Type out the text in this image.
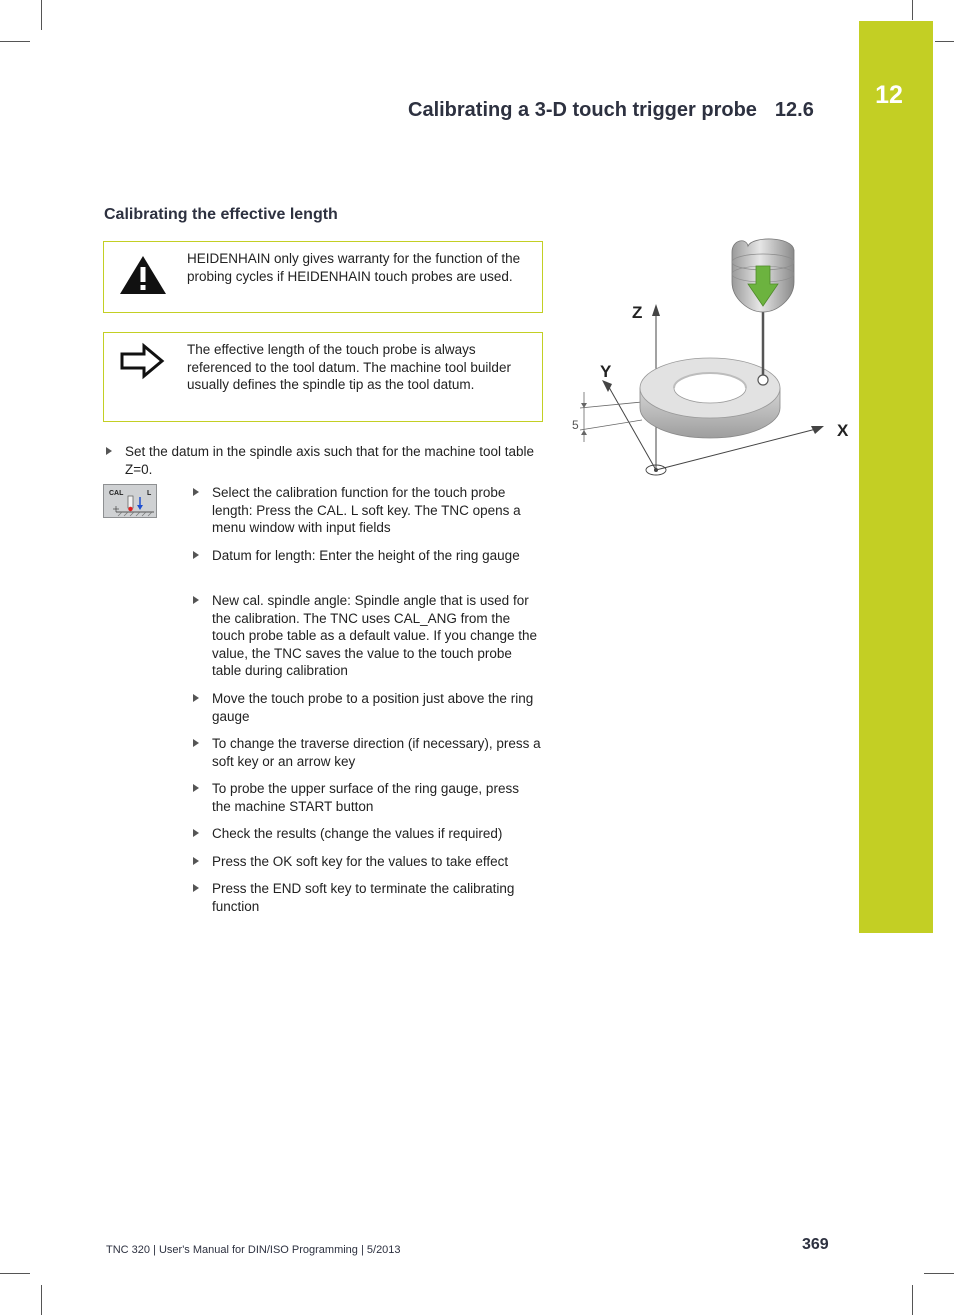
12
Calibrating a 3-D touch trigger probe 12.6
Calibrating the effective length
HEIDENHAIN only gives warranty for the function of the probing cycles if HEIDENHAIN touch probes are used.
The effective length of the touch probe is always referenced to the tool datum. The machine tool builder usually defines the spindle tip as the tool datum.
Set the datum in the spindle axis such that for the machine tool table Z=0.
CAL	L	Select the calibration function for the touch probe length: Press the CAL. L soft key. The TNC opens a menu window with input fields
Datum for length: Enter the height of the ring gauge
New cal. spindle angle: Spindle angle that is used for the calibration. The TNC uses CAL_ANG from the touch probe table as a default value. If you change the value, the TNC saves the value to the touch probe table during calibration
Move the touch probe to a position just above the ring gauge
To change the traverse direction (if necessary), press a soft key or an arrow key
To probe the upper surface of the ring gauge, press the machine START button
Check the results (change the values if required)
Press the OK soft key for the values to take effect
Press the END soft key to terminate the calibrating function
Z
Y
X
5
TNC 320 | User's Manual for DIN/ISO Programming | 5/2013	369
